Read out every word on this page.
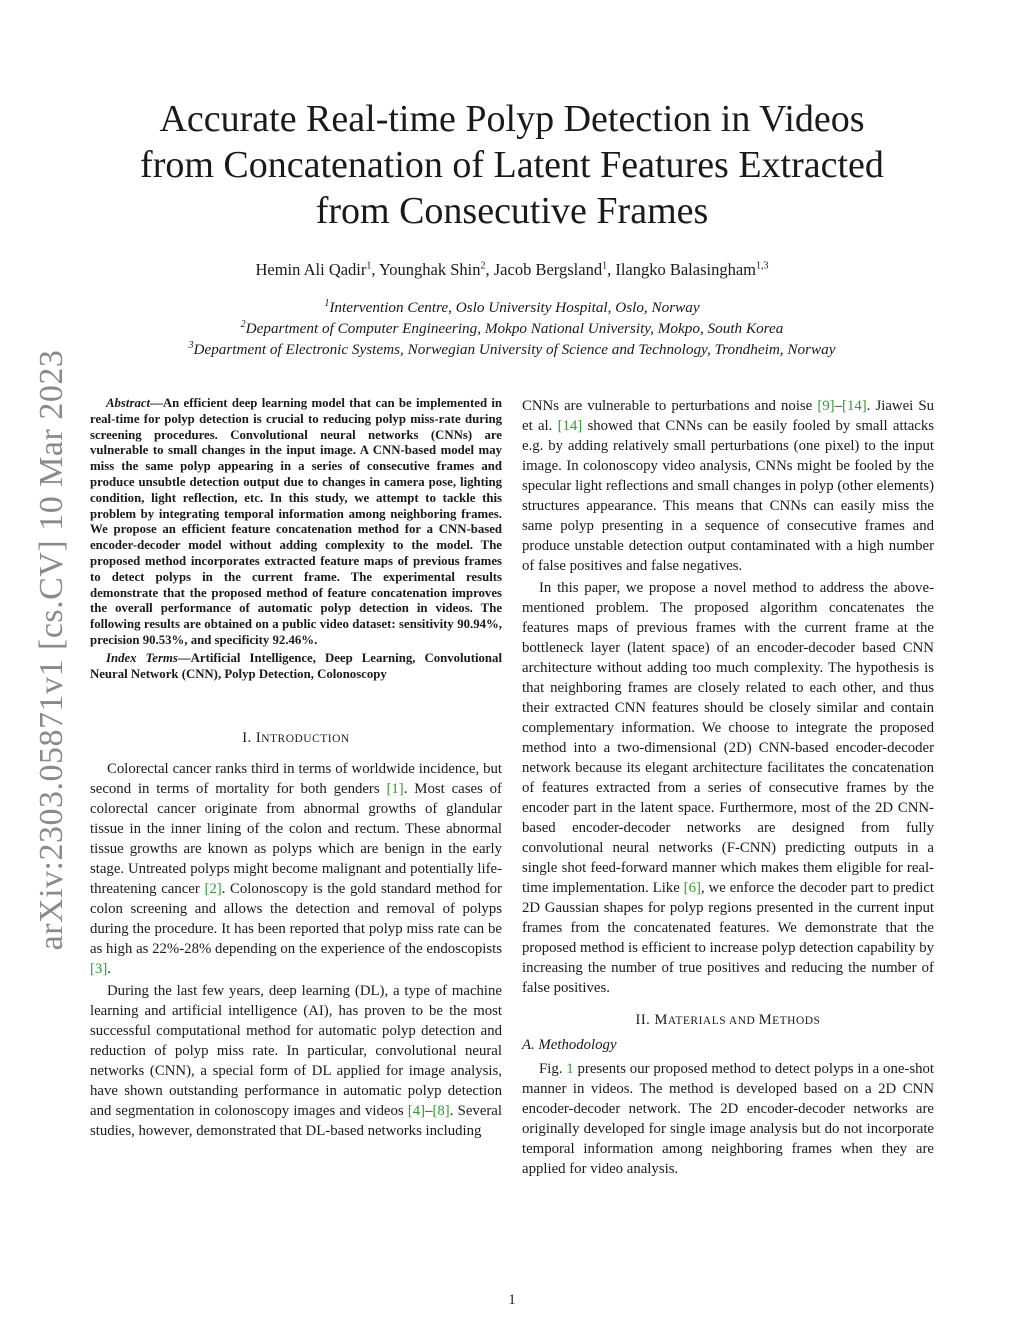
Accurate Real-time Polyp Detection in Videos
from Concatenation of Latent Features Extracted
from Consecutive Frames
Hemin Ali Qadir$^1$, Younghak Shin$^2$, Jacob Bergsland$^1$, Ilangko Balasingham$^{1,3}$
$^1$Intervention Centre, Oslo University Hospital, Oslo, Norway
$^2$Department of Computer Engineering, Mokpo National University, Mokpo, South Korea
$^3$Department of Electronic Systems, Norwegian University of Science and Technology, Trondheim, Norway
arXiv:2303.05871v1 [cs.CV] 10 Mar 2023	Abstract—An efficient deep learning model that can be implemented in real-time for polyp detection is crucial to reducing polyp miss-rate during screening procedures. Convolutional neural networks (CNNs) are vulnerable to small changes in the input image. A CNN-based model may miss the same polyp appearing in a series of consecutive frames and produce unsubtle detection output due to changes in camera pose, lighting condition, light reflection, etc. In this study, we attempt to tackle this problem by integrating temporal information among neighboring frames. We propose an efficient feature concatenation method for a CNN-based encoder-decoder model without adding complexity to the model. The proposed method incorporates extracted feature maps of previous frames to detect polyps in the current frame. The experimental results demonstrate that the proposed method of feature concatenation improves the overall performance of automatic polyp detection in videos. The following results are obtained on a public video dataset: sensitivity 90.94%, precision 90.53%, and specificity 92.46%.

Index Terms—Artificial Intelligence, Deep Learning, Convolutional Neural Network (CNN), Polyp Detection, Colonoscopy

I. INTRODUCTION

Colorectal cancer ranks third in terms of worldwide incidence, but second in terms of mortality for both genders [1]. Most cases of colorectal cancer originate from abnormal growths of glandular tissue in the inner lining of the colon and rectum. These abnormal tissue growths are known as polyps which are benign in the early stage. Untreated polyps might become malignant and potentially life-threatening cancer [2]. Colonoscopy is the gold standard method for colon screening and allows the detection and removal of polyps during the procedure. It has been reported that polyp miss rate can be as high as 22%-28% depending on the experience of the endoscopists [3].

During the last few years, deep learning (DL), a type of machine learning and artificial intelligence (AI), has proven to be the most successful computational method for automatic polyp detection and reduction of polyp miss rate. In particular, convolutional neural networks (CNN), a special form of DL applied for image analysis, have shown outstanding performance in automatic polyp detection and segmentation in colonoscopy images and videos [4]–[8]. Several studies, however, demonstrated that DL-based networks including

CNNs are vulnerable to perturbations and noise [9]–[14]. Jiawei Su et al. [14] showed that CNNs can be easily fooled by small attacks e.g. by adding relatively small perturbations (one pixel) to the input image. In colonoscopy video analysis, CNNs might be fooled by the specular light reflections and small changes in polyp (other elements) structures appearance. This means that CNNs can easily miss the same polyp presenting in a sequence of consecutive frames and produce unstable detection output contaminated with a high number of false positives and false negatives.

In this paper, we propose a novel method to address the above-mentioned problem. The proposed algorithm concatenates the features maps of previous frames with the current frame at the bottleneck layer (latent space) of an encoder-decoder based CNN architecture without adding too much complexity. The hypothesis is that neighboring frames are closely related to each other, and thus their extracted CNN features should be closely similar and contain complementary information. We choose to integrate the proposed method into a two-dimensional (2D) CNN-based encoder-decoder network because its elegant architecture facilitates the concatenation of features extracted from a series of consecutive frames by the encoder part in the latent space. Furthermore, most of the 2D CNN-based encoder-decoder networks are designed from fully convolutional neural networks (F-CNN) predicting outputs in a single shot feed-forward manner which makes them eligible for real-time implementation. Like [6], we enforce the decoder part to predict 2D Gaussian shapes for polyp regions presented in the current input frames from the concatenated features. We demonstrate that the proposed method is efficient to increase polyp detection capability by increasing the number of true positives and reducing the number of false positives.

II. MATERIALS AND METHODS

A. Methodology

Fig. 1 presents our proposed method to detect polyps in a one-shot manner in videos. The method is developed based on a 2D CNN encoder-decoder network. The 2D encoder-decoder networks are originally developed for single image analysis but do not incorporate temporal information among neighboring frames when they are applied for video analysis.

1
